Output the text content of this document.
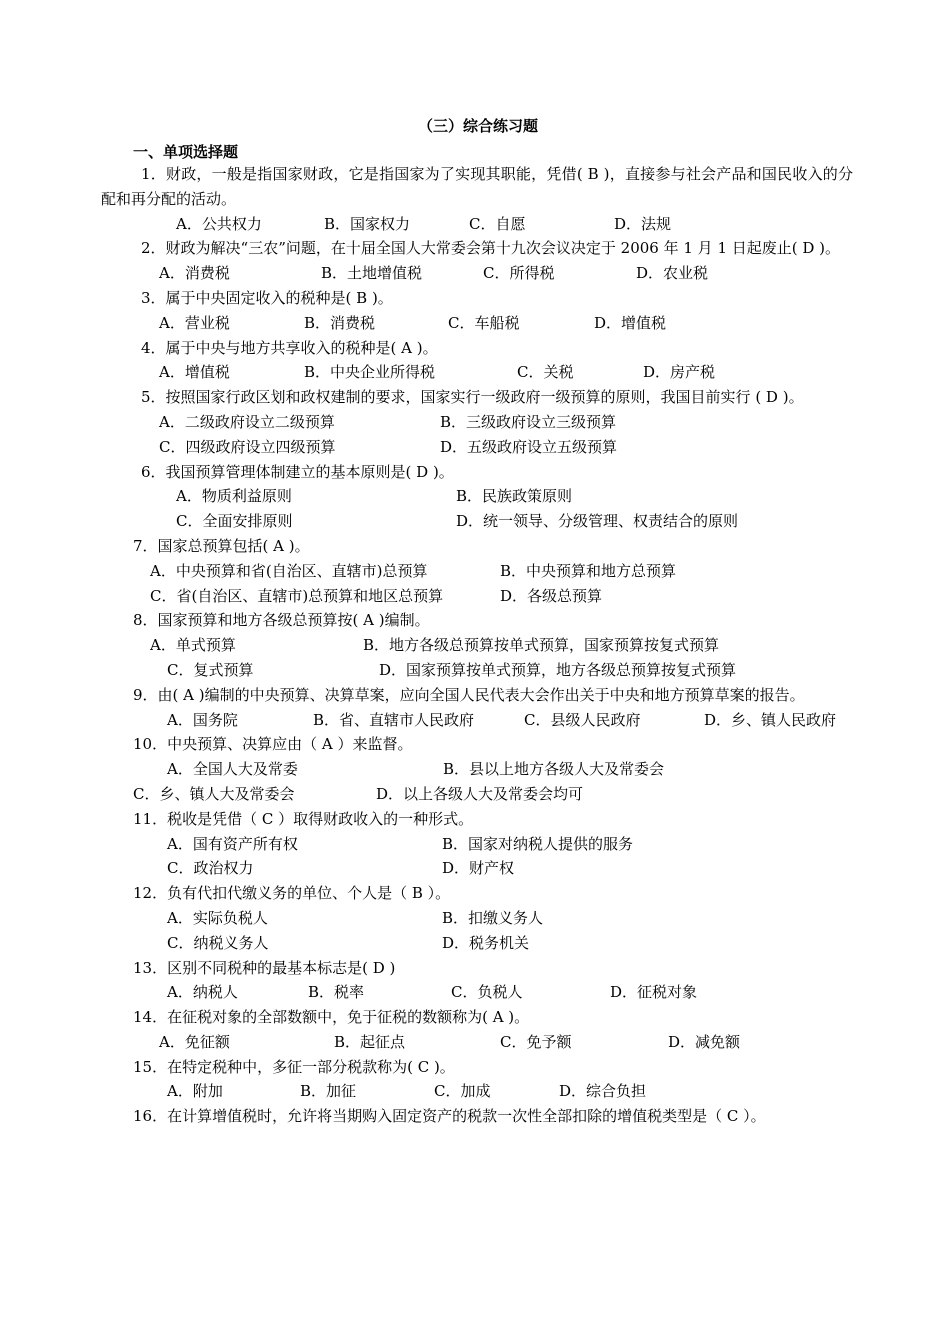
（三）综合练习题
一、单项选择题
1．财政，一般是指国家财政，它是指国家为了实现其职能，凭借( B )，直接参与社会产品和国民收入的分配和再分配的活动。
A．公共权力	B．国家权力	C．自愿	D．法规
2．财政为解决“三农”问题，在十届全国人大常委会第十九次会议决定于 2006 年 1 月 1 日起废止( D )。
A．消费税	B．土地增值税	C．所得税	D．农业税
3．属于中央固定收入的税种是( B )。
A．营业税	B．消费税	C．车船税	D．增值税
4．属于中央与地方共享收入的税种是( A )。
A．增值税	B．中央企业所得税	C．关税	D．房产税
5．按照国家行政区划和政权建制的要求，国家实行一级政府一级预算的原则，我国目前实行 ( D )。
A．二级政府设立二级预算	B．三级政府设立三级预算
C．四级政府设立四级预算	D．五级政府设立五级预算
6．我国预算管理体制建立的基本原则是( D )。
A．物质利益原则	B．民族政策原则
C．全面安排原则	D．统一领导、分级管理、权责结合的原则
7．国家总预算包括( A )。
A．中央预算和省(自治区、直辖市)总预算	B．中央预算和地方总预算
C．省(自治区、直辖市)总预算和地区总预算	D．各级总预算
8．国家预算和地方各级总预算按( A )编制。
A．单式预算	B．地方各级总预算按单式预算，国家预算按复式预算
C．复式预算	D．国家预算按单式预算，地方各级总预算按复式预算
9．由( A )编制的中央预算、决算草案，应向全国人民代表大会作出关于中央和地方预算草案的报告。
A．国务院	B．省、直辖市人民政府	C．县级人民政府	D．乡、镇人民政府
10．中央预算、决算应由（ A ）来监督。
A．全国人大及常委	B．县以上地方各级人大及常委会
C．乡、镇人大及常委会	D．以上各级人大及常委会均可
11．税收是凭借（ C ）取得财政收入的一种形式。
A．国有资产所有权	B．国家对纳税人提供的服务
C．政治权力	D．财产权
12．负有代扣代缴义务的单位、个人是（ B ）。
A．实际负税人	B．扣缴义务人
C．纳税义务人	D．税务机关
13．区别不同税种的最基本标志是( D )
A．纳税人	B．税率	C．负税人	D．征税对象
14．在征税对象的全部数额中，免于征税的数额称为( A )。
A．免征额	B．起征点	C．免予额	D．减免额
15．在特定税种中，多征一部分税款称为( C )。
A．附加	B．加征	C．加成	D．综合负担
16．在计算增值税时，允许将当期购入固定资产的税款一次性全部扣除的增值税类型是（ C ）。
